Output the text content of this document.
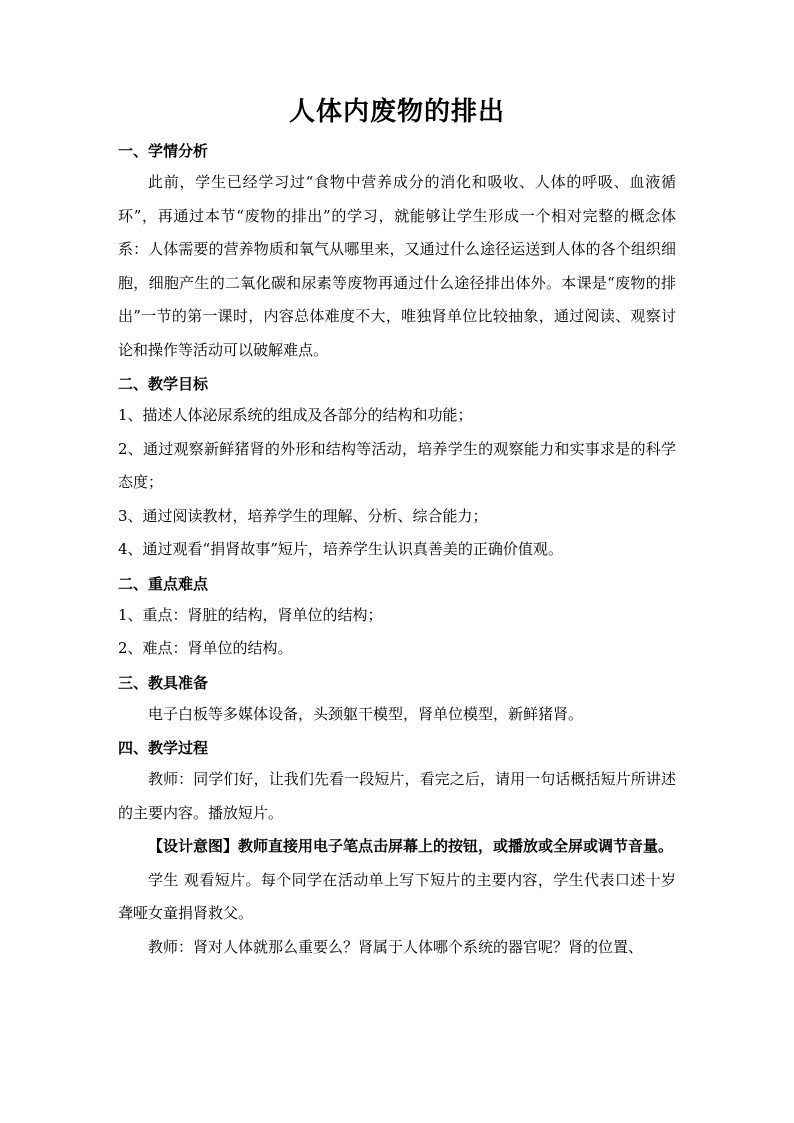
人体内废物的排出

一、学情分析

此前，学生已经学习过“食物中营养成分的消化和吸收、人体的呼吸、血液循环”，再通过本节“废物的排出”的学习，就能够让学生形成一个相对完整的概念体系：人体需要的营养物质和氧气从哪里来，又通过什么途径运送到人体的各个组织细胞，细胞产生的二氧化碳和尿素等废物再通过什么途径排出体外。本课是“废物的排出”一节的第一课时，内容总体难度不大，唯独肾单位比较抽象，通过阅读、观察讨论和操作等活动可以破解难点。

二、教学目标

1、描述人体泌尿系统的组成及各部分的结构和功能；

2、通过观察新鲜猪肾的外形和结构等活动，培养学生的观察能力和实事求是的科学态度；

3、通过阅读教材，培养学生的理解、分析、综合能力；

4、通过观看“捐肾故事”短片，培养学生认识真善美的正确价值观。

二、重点难点

1、重点：肾脏的结构，肾单位的结构；

2、难点：肾单位的结构。

三、教具准备

电子白板等多媒体设备，头颈躯干模型，肾单位模型，新鲜猪肾。

四、教学过程

教师：同学们好，让我们先看一段短片，看完之后，请用一句话概括短片所讲述的主要内容。播放短片。

【设计意图】教师直接用电子笔点击屏幕上的按钮，或播放或全屏或调节音量。

学生 观看短片。每个同学在活动单上写下短片的主要内容，学生代表口述十岁聋哑女童捐肾救父。

教师：肾对人体就那么重要么？肾属于人体哪个系统的器官呢？肾的位置、
